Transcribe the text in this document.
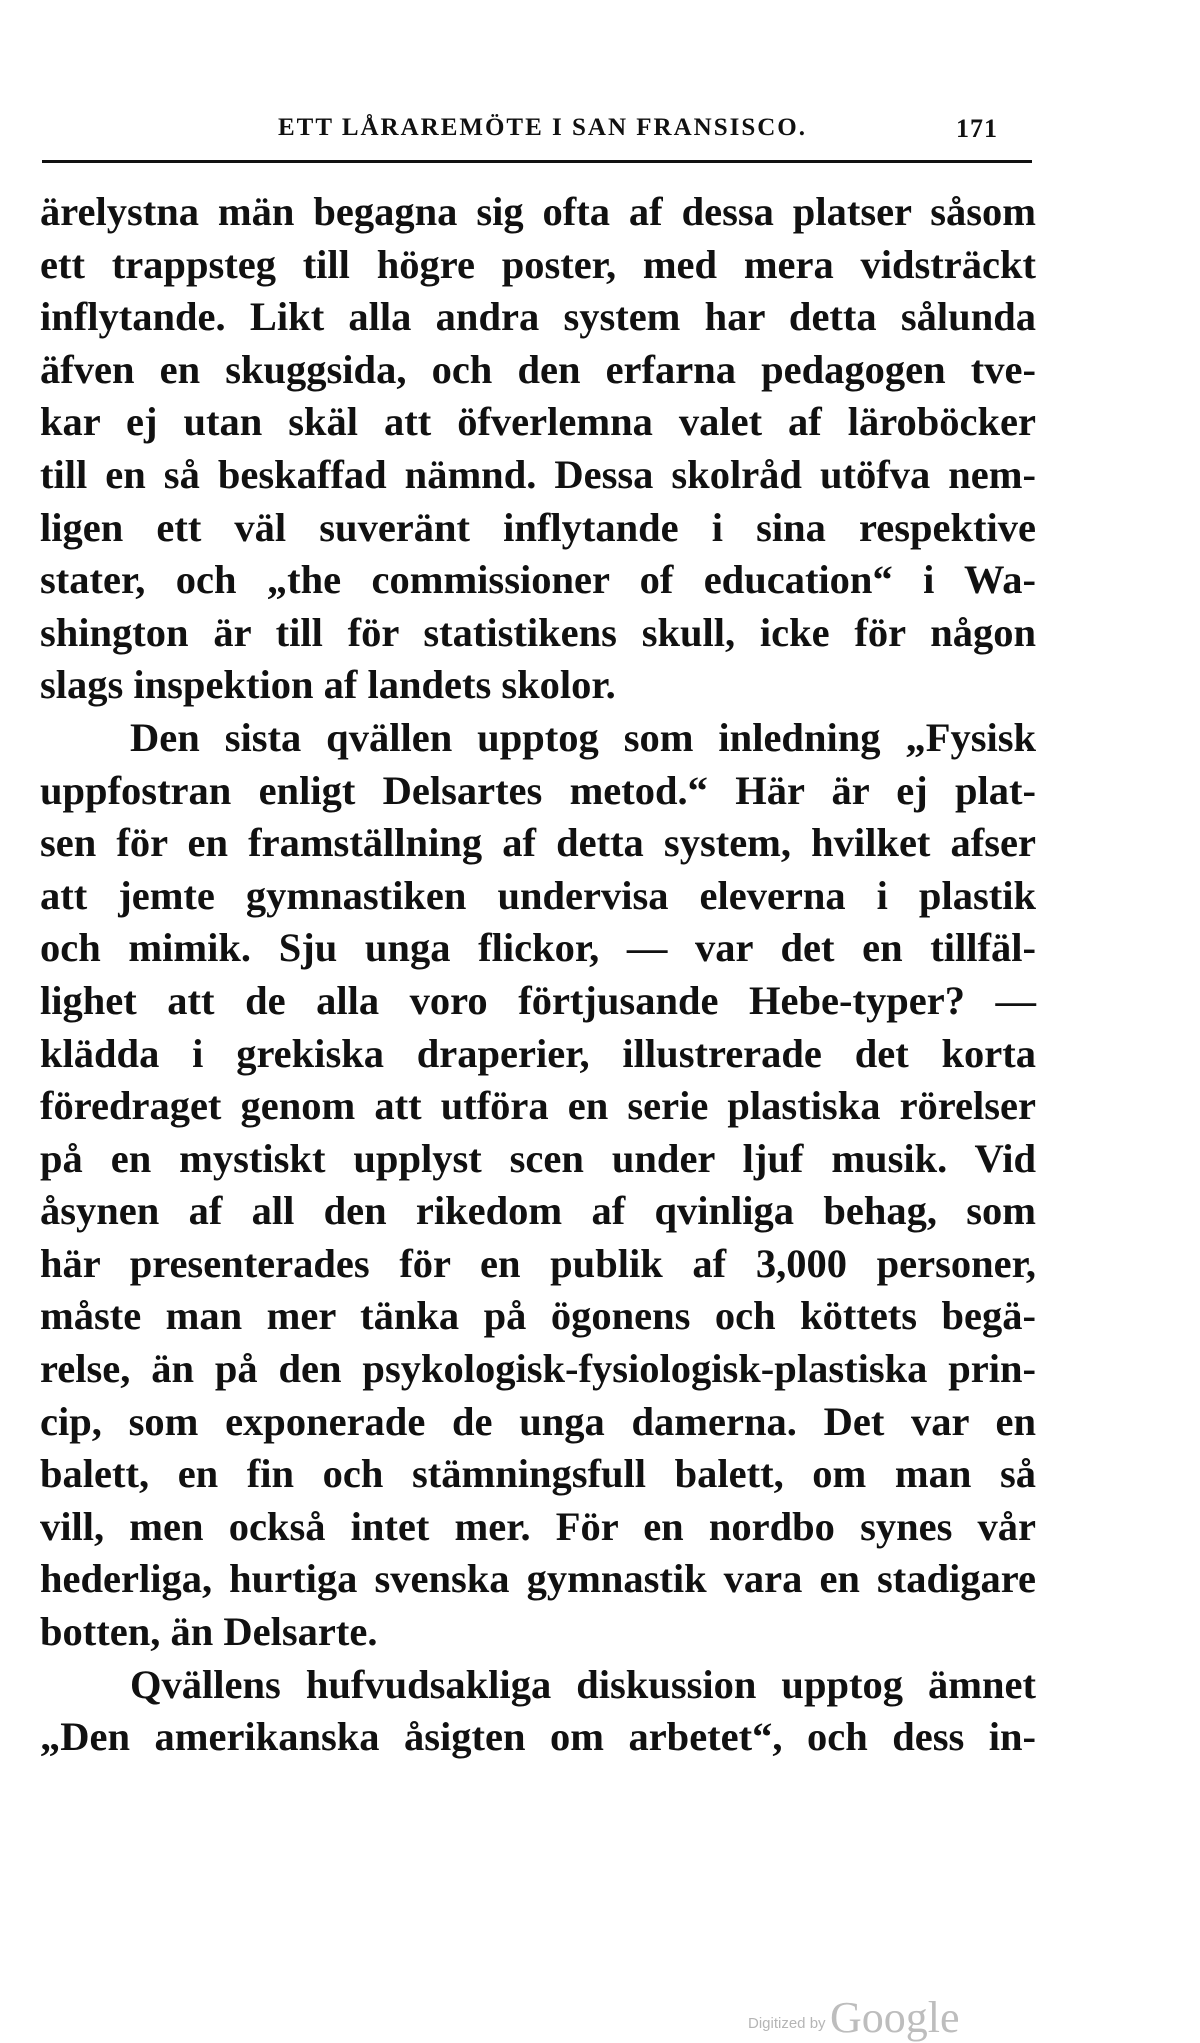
ETT LÅRAREMÖTE I SAN FRANSISCO.	171
ärelystna män begagna sig ofta af dessa platser såsom
ett trappsteg till högre poster, med mera vidsträckt
inflytande. Likt alla andra system har detta sålunda
äfven en skuggsida, och den erfarna pedagogen tve-
kar ej utan skäl att öfverlemna valet af läroböcker
till en så beskaffad nämnd. Dessa skolråd utöfva nem-
ligen ett väl suveränt inflytande i sina respektive
stater, och „the commissioner of education“ i Wa-
shington är till för statistikens skull, icke för någon
slags inspektion af landets skolor.
Den sista qvällen upptog som inledning „Fysisk
uppfostran enligt Delsartes metod.“ Här är ej plat-
sen för en framställning af detta system, hvilket afser
att jemte gymnastiken undervisa eleverna i plastik
och mimik. Sju unga flickor, — var det en tillfäl-
lighet att de alla voro förtjusande Hebe-typer? —
klädda i grekiska draperier, illustrerade det korta
föredraget genom att utföra en serie plastiska rörelser
på en mystiskt upplyst scen under ljuf musik. Vid
åsynen af all den rikedom af qvinliga behag, som
här presenterades för en publik af 3,000 personer,
måste man mer tänka på ögonens och köttets begä-
relse, än på den psykologisk-fysiologisk-plastiska prin-
cip, som exponerade de unga damerna. Det var en
balett, en fin och stämningsfull balett, om man så
vill, men också intet mer. För en nordbo synes vår
hederliga, hurtiga svenska gymnastik vara en stadigare
botten, än Delsarte.
Qvällens hufvudsakliga diskussion upptog ämnet
„Den amerikanska åsigten om arbetet“, och dess in-
Digitized by Google
